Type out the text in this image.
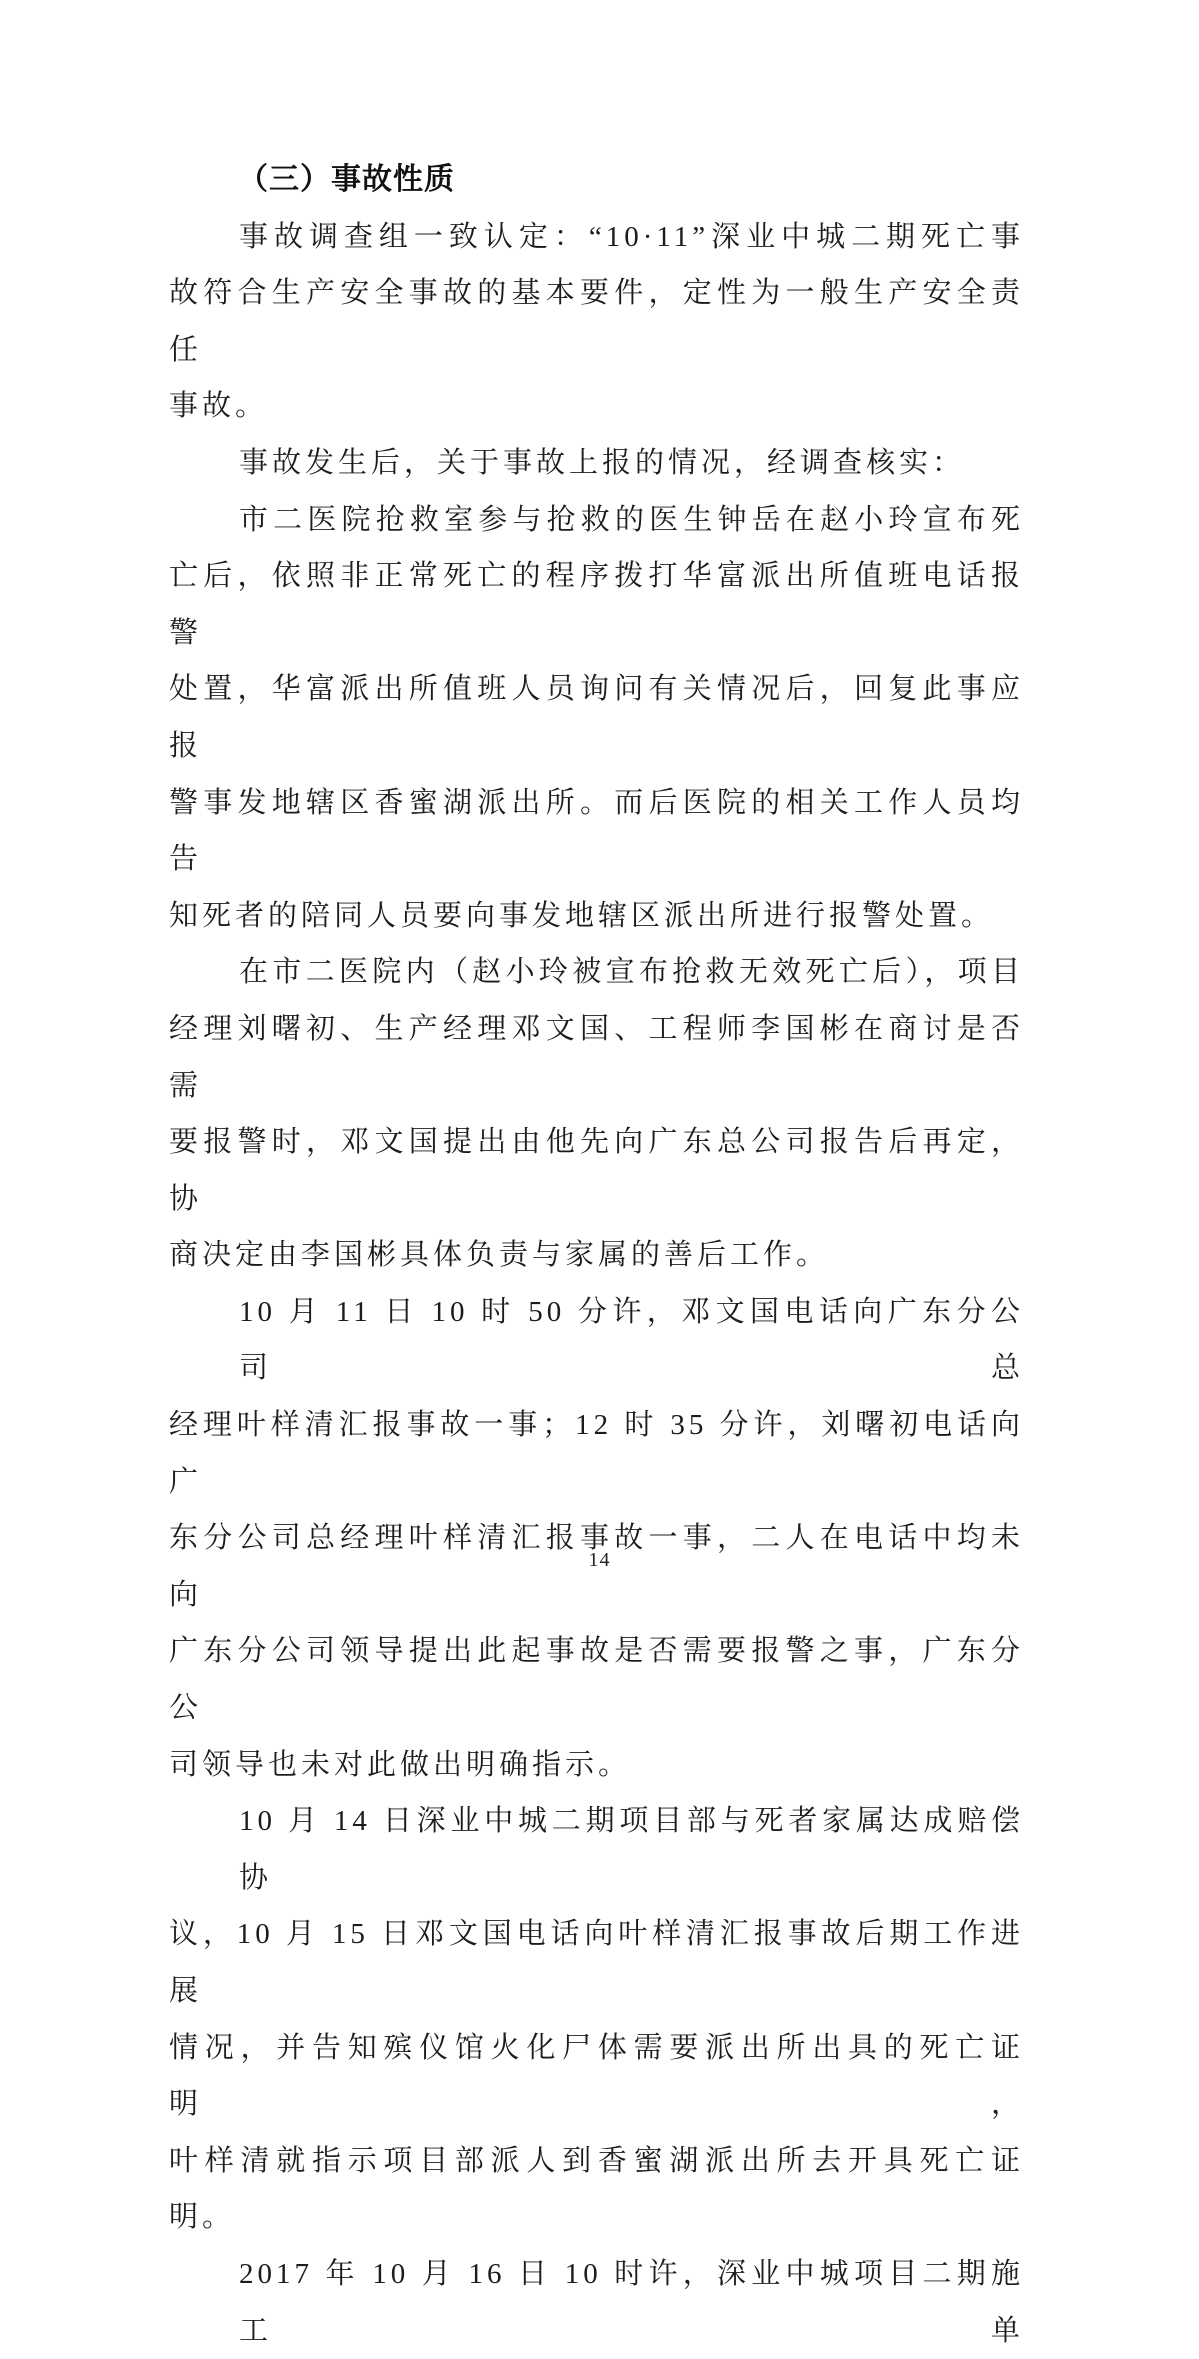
（三）事故性质
事故调查组一致认定：“10·11”深业中城二期死亡事
故符合生产安全事故的基本要件，定性为一般生产安全责任
事故。
事故发生后，关于事故上报的情况，经调查核实：
市二医院抢救室参与抢救的医生钟岳在赵小玲宣布死
亡后，依照非正常死亡的程序拨打华富派出所值班电话报警
处置，华富派出所值班人员询问有关情况后，回复此事应报
警事发地辖区香蜜湖派出所。而后医院的相关工作人员均告
知死者的陪同人员要向事发地辖区派出所进行报警处置。
在市二医院内（赵小玲被宣布抢救无效死亡后），项目
经理刘曙初、生产经理邓文国、工程师李国彬在商讨是否需
要报警时，邓文国提出由他先向广东总公司报告后再定，协
商决定由李国彬具体负责与家属的善后工作。
10 月 11 日 10 时 50 分许，邓文国电话向广东分公司总
经理叶样清汇报事故一事；12 时 35 分许，刘曙初电话向广
东分公司总经理叶样清汇报事故一事，二人在电话中均未向
广东分公司领导提出此起事故是否需要报警之事，广东分公
司领导也未对此做出明确指示。
10 月 14 日深业中城二期项目部与死者家属达成赔偿协
议，10 月 15 日邓文国电话向叶样清汇报事故后期工作进展
情况，并告知殡仪馆火化尸体需要派出所出具的死亡证明，
叶样清就指示项目部派人到香蜜湖派出所去开具死亡证明。
2017 年 10 月 16 日 10 时许，深业中城项目二期施工单
14
